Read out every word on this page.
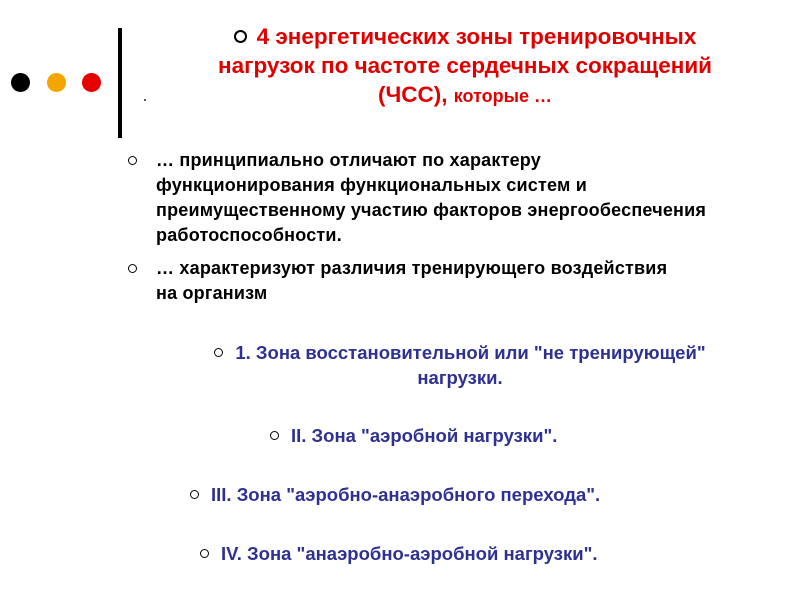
4 энергетических зоны тренировочных
нагрузок по частоте сердечных сокращений
(ЧСС), которые …
… принципиально отличают по характеру функционирования функциональных систем и преимущественному участию факторов энергообеспечения работоспособности.
… характеризуют различия тренирующего воздействия на организм
1. Зона восстановительной или "не тренирующей"
нагрузки.
II. Зона "аэробной нагрузки".
III. Зона "аэробно-анаэробного перехода".
IV. Зона "анаэробно-аэробной нагрузки".
